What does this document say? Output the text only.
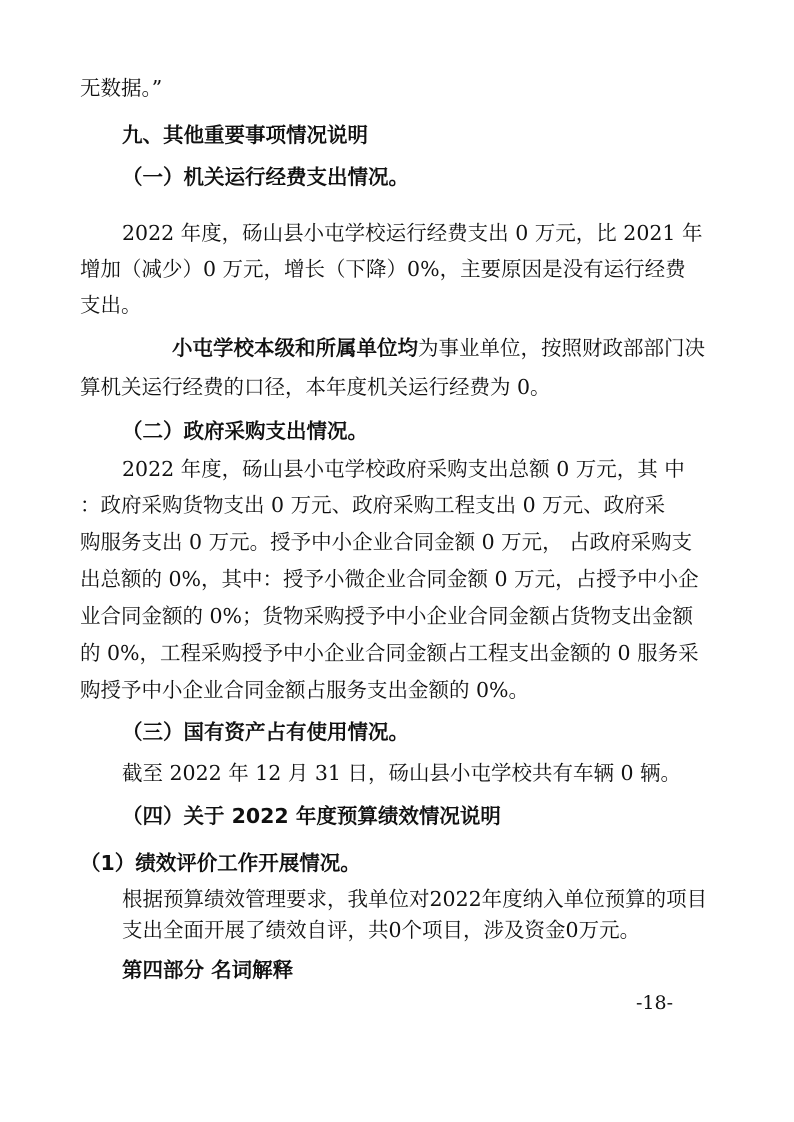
无数据。”
九、其他重要事项情况说明
（一）机关运行经费支出情况。
2022 年度，砀山县小屯学校运行经费支出 0 万元，比 2021 年
增加（减少）0 万元，增长（下降）0%，主要原因是没有运行经费
支出。
小屯学校本级和所属单位均为事业单位，按照财政部部门决
算机关运行经费的口径，本年度机关运行经费为 0。
（二）政府采购支出情况。
2022 年度，砀山县小屯学校政府采购支出总额 0 万元，其 中
：政府采购货物支出 0 万元、政府采购工程支出 0 万元、政府采
购服务支出 0 万元。授予中小企业合同金额 0 万元， 占政府采购支
出总额的 0%，其中：授予小微企业合同金额 0 万元，占授予中小企
业合同金额的 0%；货物采购授予中小企业合同金额占货物支出金额
的 0%，工程采购授予中小企业合同金额占工程支出金额的 0 服务采
购授予中小企业合同金额占服务支出金额的 0%。
（三）国有资产占有使用情况。
截至 2022 年 12 月 31 日，砀山县小屯学校共有车辆 0 辆。
（四）关于 2022 年度预算绩效情况说明
（1）绩效评价工作开展情况。
根据预算绩效管理要求，我单位对2022年度纳入单位预算的项目
支出全面开展了绩效自评，共0个项目，涉及资金0万元。
第四部分 名词解释
-18-
